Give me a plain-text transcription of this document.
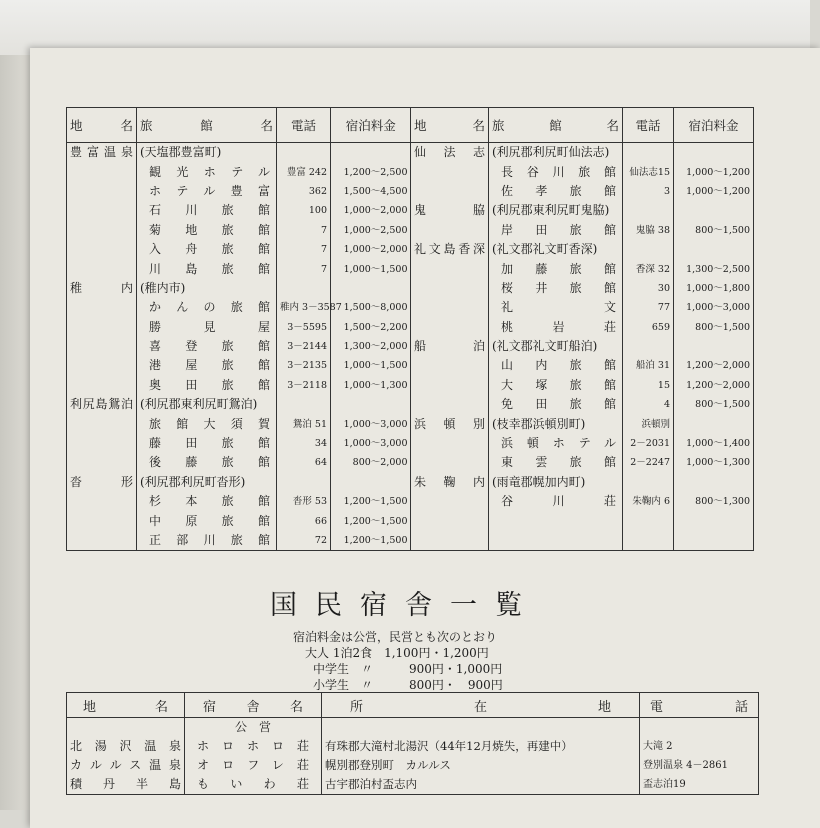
地　名	旅　館　名	電話	宿泊料金
豊富温泉	(天塩郡豊富町)		
	観光ホテル	豊富 242	1,200～2,500
	ホテル豊富	362	1,500～4,500
	石川旅館	100	1,000～2,000
	菊地旅館	7	1,000～2,500
	入舟旅館	7	1,000～2,000
	川島旅館	7	1,000～1,500
稚内	(稚内市)		
	かんの旅館	稚内 3－3587	1,500～8,000
	勝見屋	3－5595	1,500～2,200
	喜登旅館	3－2144	1,300～2,000
	港屋旅館	3－2135	1,000～1,500
	奥田旅館	3－2118	1,000～1,300
利尻島鴛泊	(利尻郡東利尻町鴛泊)		
	旅館大須賀	鴛泊 51	1,000～3,000
	藤田旅館	34	1,000～3,000
	後藤旅館	64	800～2,000
沓形	(利尻郡利尻町沓形)		
	杉本旅館	沓形 53	1,200～1,500
	中原旅館	66	1,200～1,500
	正部川旅館	72	1,200～1,500
地　名	旅　館　名	電話	宿泊料金
仙法志	(利尻郡利尻町仙法志)		
	長谷川旅館	仙法志15	1,000～1,200
	佐孝旅館	3	1,000～1,200
鬼脇	(利尻郡東利尻町鬼脇)		
	岸田旅館	鬼脇 38	800～1,500
礼文島香深	(礼文郡礼文町香深)		
	加藤旅館	香深 32	1,300～2,500
	桜井旅館	30	1,000～1,800
	礼文	77	1,000～3,000
	桃岩荘	659	800～1,500
船泊	(礼文郡礼文町船泊)		
	山内旅館	船泊 31	1,200～2,000
	大塚旅館	15	1,200～2,000
	免田旅館	4	800～1,500
浜頓別	(枝幸郡浜頓別町)	浜頓別	
	浜頓ホテル	2－2031	1,000～1,400
	東雲旅館	2－2247	1,000～1,300
朱鞠内	(雨竜郡幌加内町)		
	谷川荘	朱鞠内 6	800～1,300

国民宿舎一覧
宿泊料金は公営，民営とも次のとおり
大人 1泊2食　1,100円・1,200円
中学生　〃　　　900円・1,000円
小学生　〃　　　800円・　900円
地　名	宿舎名	所　在　地	電　話
	公　営		
北湯沢温泉	ホロホロ荘	有珠郡大滝村北湯沢（44年12月焼失，再建中）	大滝 2
カルルス温泉	オロフレ荘	幌別郡登別町　カルルス	登別温泉 4－2861
積丹半島	もいわ荘	古宇郡泊村盃志内	盃志泊19
